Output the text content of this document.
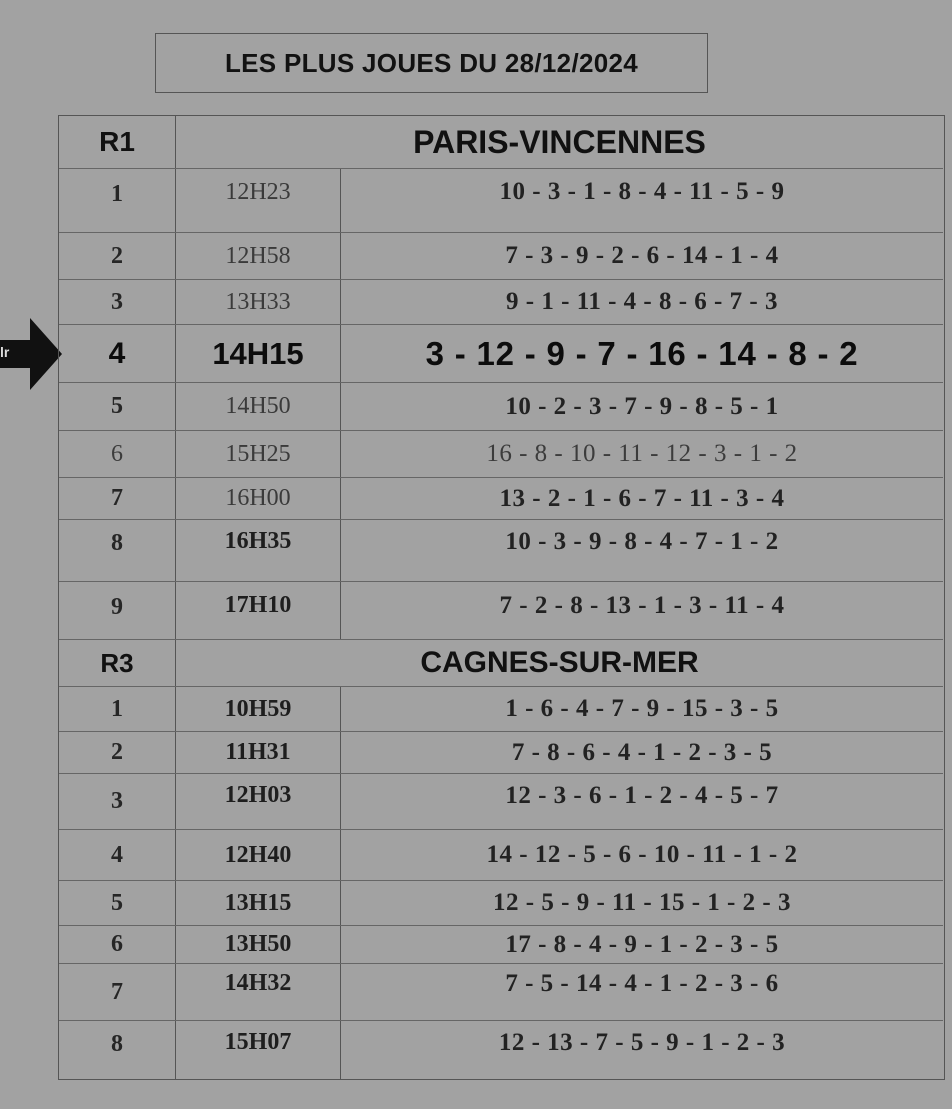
LES PLUS JOUES DU 28/12/2024
lr
R1	PARIS-VINCENNES
1	12H23	10 - 3 - 1 - 8 - 4 - 11 - 5 - 9
2	12H58	7 - 3 - 9 - 2 - 6 - 14 - 1 - 4
3	13H33	9 - 1 - 11 - 4 - 8 - 6 - 7 - 3
4	14H15	3 - 12 - 9 - 7 - 16 - 14 - 8 - 2
5	14H50	10 - 2 - 3 - 7 - 9 - 8 - 5 - 1
6	15H25	16 - 8 - 10 - 11 - 12 - 3 - 1 - 2
7	16H00	13 - 2 - 1 - 6 - 7 - 11 - 3 - 4
8	16H35	10 - 3 - 9 - 8 - 4 - 7 - 1 - 2
9	17H10	7 - 2 - 8 - 13 - 1 - 3 - 11 - 4
R3	CAGNES-SUR-MER
1	10H59	1 - 6 - 4 - 7 - 9 - 15 - 3 - 5
2	11H31	7 - 8 - 6 - 4 - 1 - 2 - 3 - 5
3	12H03	12 - 3 - 6 - 1 - 2 - 4 - 5 - 7
4	12H40	14 - 12 - 5 - 6 - 10 - 11 - 1 - 2
5	13H15	12 - 5 - 9 - 11 - 15 - 1 - 2 - 3
6	13H50	17 - 8 - 4 - 9 - 1 - 2 - 3 - 5
7	14H32	7 - 5 - 14 - 4 - 1 - 2 - 3 - 6
8	15H07	12 - 13 - 7 - 5 - 9 - 1 - 2 - 3
